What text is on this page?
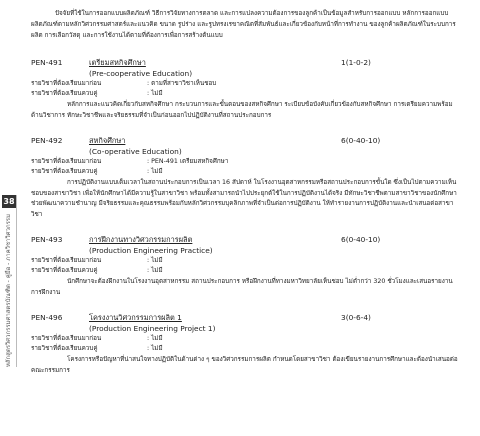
38
หลักสูตรวิศวกรรมศาสตรบัณฑิต - คู่มือ - ภาควิชาวิศวกรรม

ปัจจัยที่ใช้ในการออกแบบผลิตภัณฑ์ วิธีการวิจัยทางการตลาด และการแปลงความต้องการของลูกค้าเป็นข้อมูลสำหรับการออกแบบ หลักการออกแบบผลิตภัณฑ์ตามหลักวิศวกรรมศาสตร์และแนวคิด ขนาด รูปร่าง และรูปทรงเรขาคณิตที่สัมพันธ์และเกี่ยวข้องกับหน้าที่การทำงาน ของลูกค้าผลิตภัณฑ์ในระบบการผลิต การเลือกวัสดุ และการใช้งานได้ตามที่ต้องการเพื่อการสร้างต้นแบบ

PEN-491	เตรียมสหกิจศึกษา	1(1-0-2)
(Pre-cooperative Education)
รายวิชาที่ต้องเรียนมาก่อน	: ตามที่สาขาวิชาเห็นชอบ
รายวิชาที่ต้องเรียนควบคู่	: ไม่มี
หลักการและแนวคิดเกี่ยวกับสหกิจศึกษา กระบวนการและขั้นตอนของสหกิจศึกษา ระเบียบข้อบังคับเกี่ยวข้องกับสหกิจศึกษา การเตรียมความพร้อมด้านวิชาการ ทักษะวิชาชีพและจริยธรรมที่จำเป็นก่อนออกไปปฏิบัติงานที่สถานประกอบการ
PEN-492	สหกิจศึกษา	6(0-40-10)
(Co-operative Education)
รายวิชาที่ต้องเรียนมาก่อน	: PEN-491 เตรียมสหกิจศึกษา
รายวิชาที่ต้องเรียนควบคู่	: ไม่มี
การปฏิบัติงานแบบเต็มเวลาในสถานประกอบการเป็นเวลา 16 สัปดาห์ ในโรงงานอุตสาหกรรมหรือสถานประกอบการขั้นใด ซึ่งเป็นไปตามความเห็นชอบของสาขาวิชา เพื่อให้นักศึกษาได้มีความรู้ในสาขาวิชา พร้อมทั้งสามารถนำไปประยุกต์ใช้ในการปฏิบัติงานได้จริง มีทักษะวิชาชีพตามสาขาวิชาของนักศึกษา ช่วยพัฒนาความชำนาญ มีจริยธรรมและคุณธรรมพร้อมกับหลักวิศวกรรมบุคลิกภาพที่จำเป็นต่อการปฏิบัติงาน ให้ทำรายงานการปฏิบัติงานและนำเสนอต่อสาขาวิชา
PEN-493	การฝึกงานทางวิศวกรรมการผลิต	6(0-40-10)
(Production Engineering Practice)
รายวิชาที่ต้องเรียนมาก่อน	: ไม่มี
รายวิชาที่ต้องเรียนควบคู่	: ไม่มี
นักศึกษาจะต้องฝึกงานในโรงงานอุตสาหกรรม สถานประกอบการ หรือฝึกงานที่ทางมหาวิทยาลัยเห็นชอบ ไม่ต่ำกว่า 320 ชั่วโมงและเสนอรายงานการฝึกงาน
PEN-496	โครงงานวิศวกรรมการผลิต 1	3(0-6-4)
(Production Engineering Project 1)
รายวิชาที่ต้องเรียนมาก่อน	: ไม่มี
รายวิชาที่ต้องเรียนควบคู่	: ไม่มี
โครงการหรือปัญหาที่น่าสนใจทางปฏิบัติในด้านต่าง ๆ ของวิศวกรรมการผลิต กำหนดโดยสาขาวิชา ต้องเขียนรายงานการศึกษาและต้องนำเสนอต่อคณะกรรมการ
